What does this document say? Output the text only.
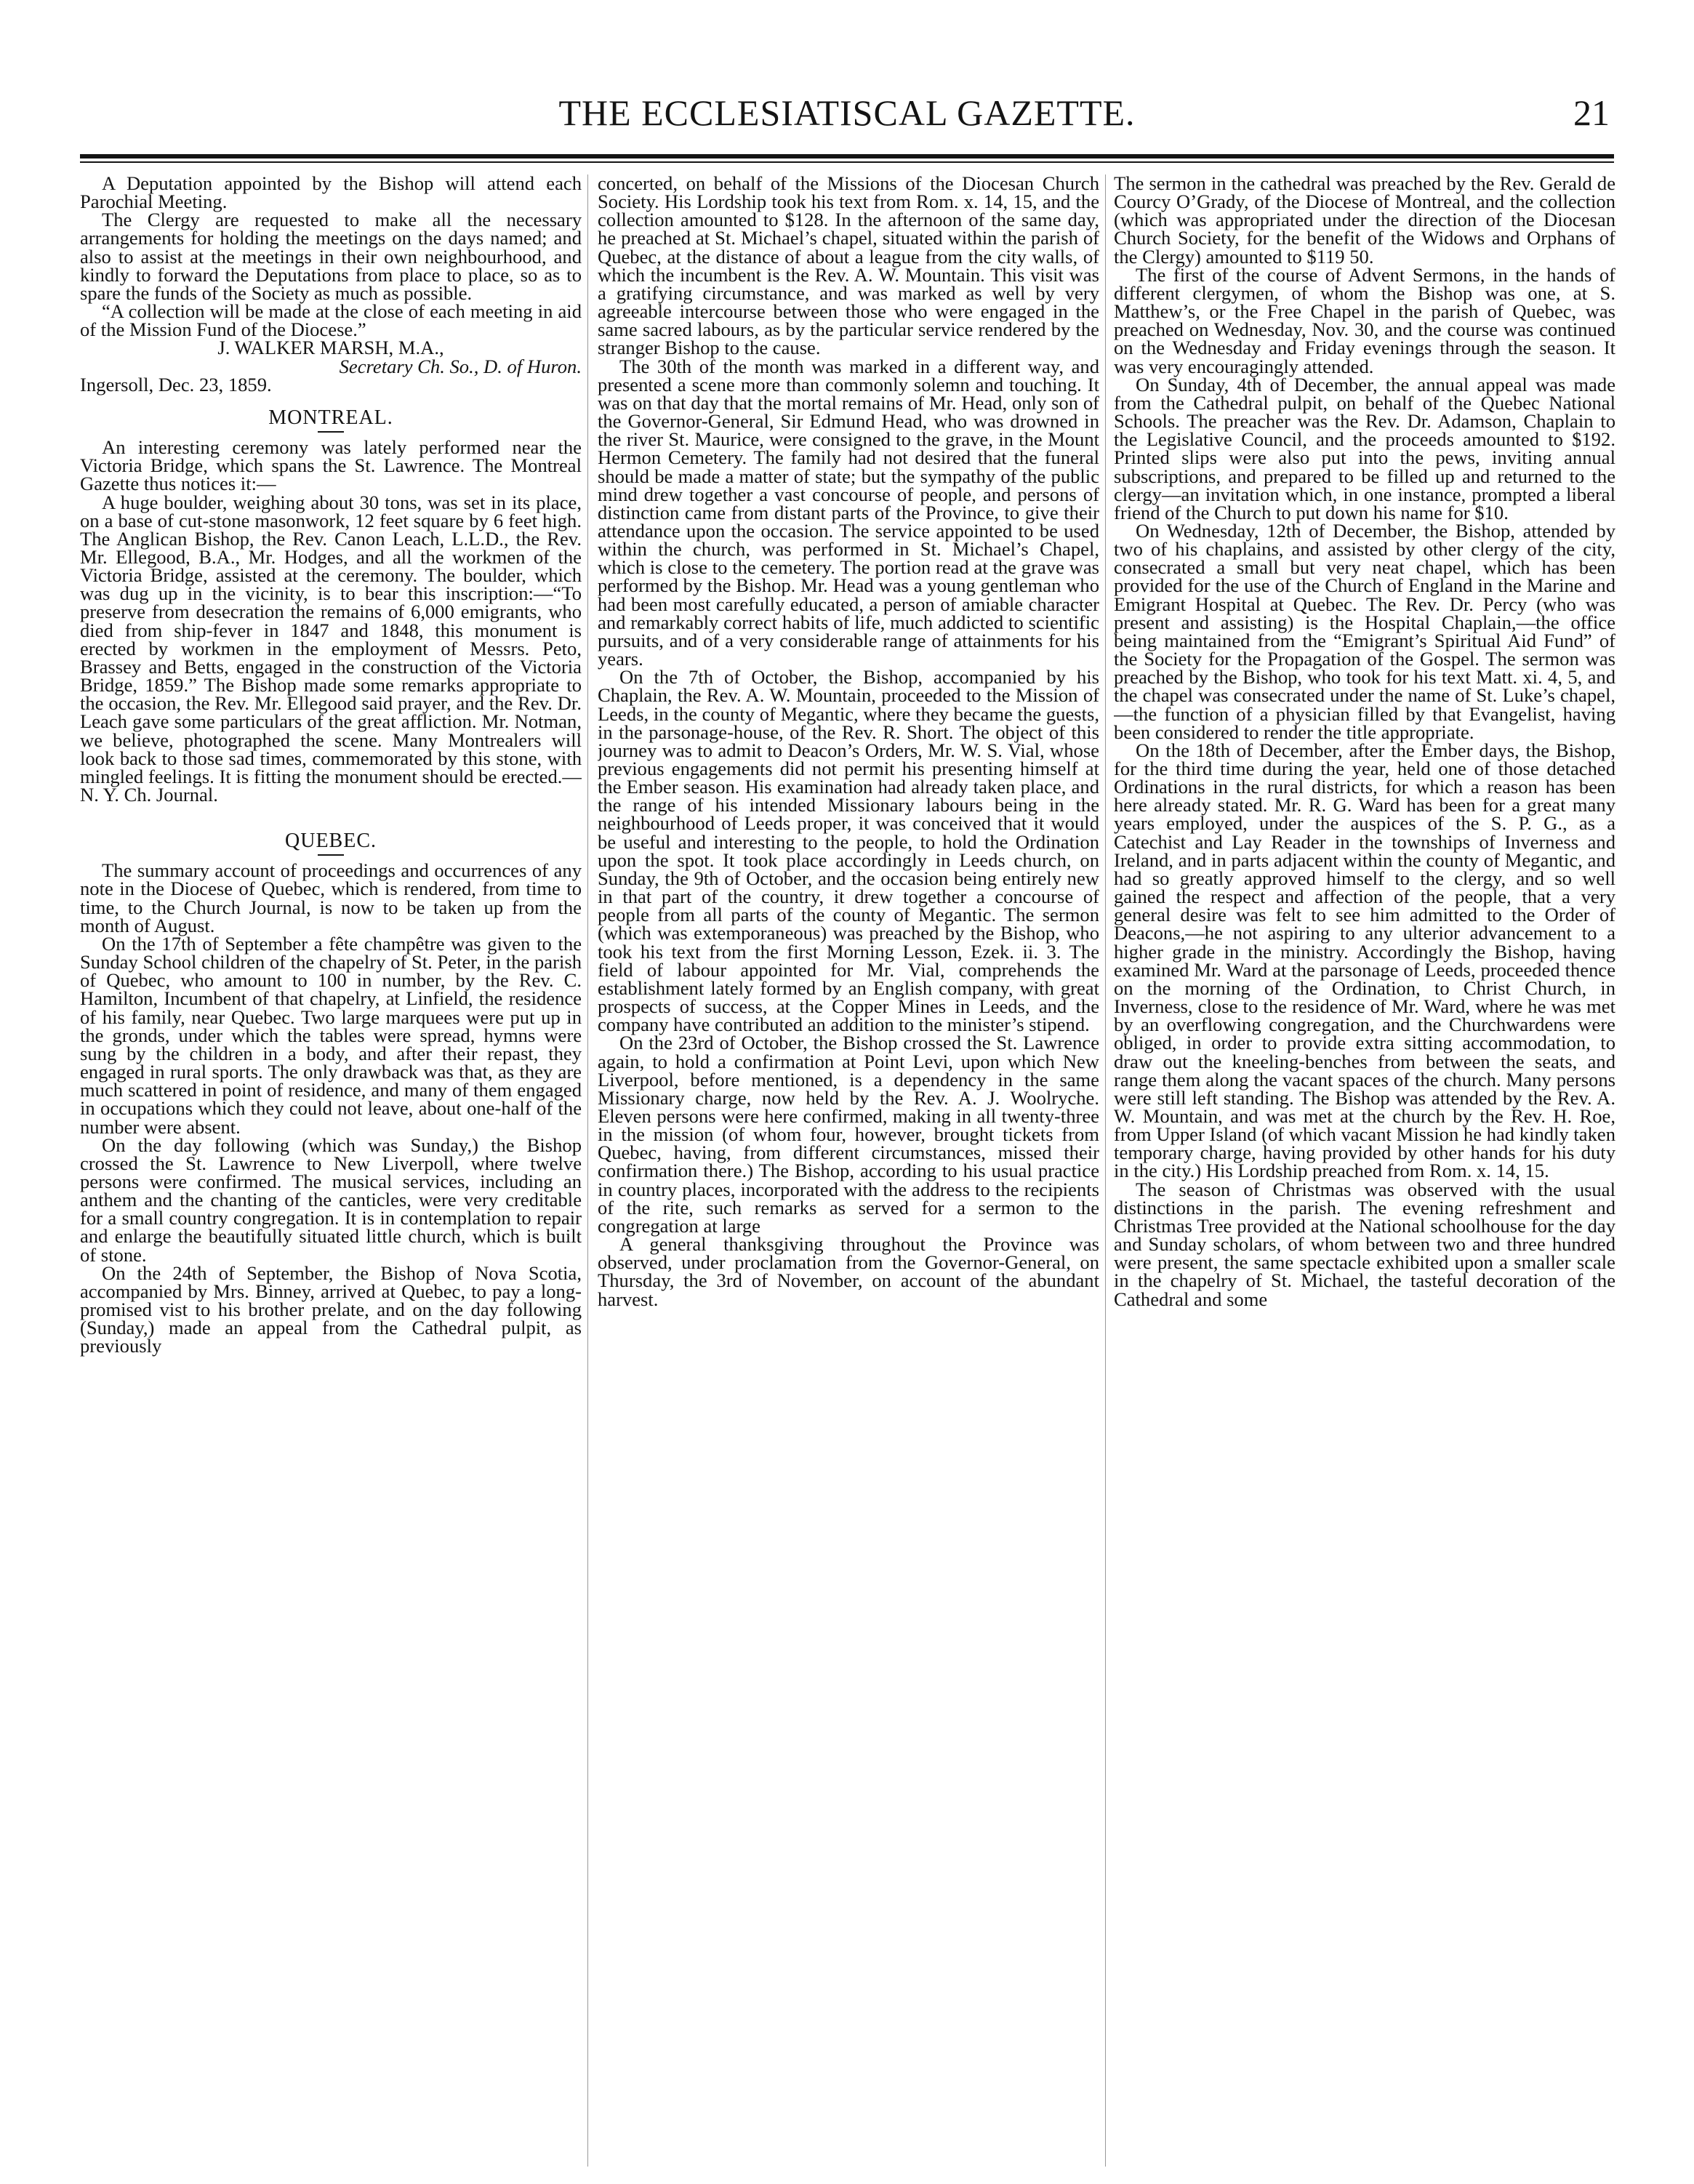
THE ECCLESIATISCAL GAZETTE.	21

A Deputation appointed by the Bishop will attend each Parochial Meeting.

The Clergy are requested to make all the necessary arrangements for holding the meetings on the days named; and also to assist at the meetings in their own neighbourhood, and kindly to forward the Deputations from place to place, so as to spare the funds of the Society as much as possible.

“A collection will be made at the close of each meeting in aid of the Mission Fund of the Diocese.”

J. WALKER MARSH, M.A.,

Secretary Ch. So., D. of Huron.

Ingersoll, Dec. 23, 1859.

MONTREAL.

An interesting ceremony was lately performed near the Victoria Bridge, which spans the St. Lawrence. The Montreal Gazette thus notices it:—

A huge boulder, weighing about 30 tons, was set in its place, on a base of cut-stone masonwork, 12 feet square by 6 feet high. The Anglican Bishop, the Rev. Canon Leach, L.L.D., the Rev. Mr. Ellegood, B.A., Mr. Hodges, and all the workmen of the Victoria Bridge, assisted at the ceremony. The boulder, which was dug up in the vicinity, is to bear this inscription:—“To preserve from desecration the remains of 6,000 emigrants, who died from ship-fever in 1847 and 1848, this monument is erected by workmen in the employment of Messrs. Peto, Brassey and Betts, engaged in the construction of the Victoria Bridge, 1859.” The Bishop made some remarks appropriate to the occasion, the Rev. Mr. Ellegood said prayer, and the Rev. Dr. Leach gave some particulars of the great affliction. Mr. Notman, we believe, photographed the scene. Many Montrealers will look back to those sad times, commemorated by this stone, with mingled feelings. It is fitting the monument should be erected.—N. Y. Ch. Journal.

QUEBEC.

The summary account of proceedings and occurrences of any note in the Diocese of Quebec, which is rendered, from time to time, to the Church Journal, is now to be taken up from the month of August.

On the 17th of September a fête champêtre was given to the Sunday School children of the chapelry of St. Peter, in the parish of Quebec, who amount to 100 in number, by the Rev. C. Hamilton, Incumbent of that chapelry, at Linfield, the residence of his family, near Quebec. Two large marquees were put up in the gronds, under which the tables were spread, hymns were sung by the children in a body, and after their repast, they engaged in rural sports. The only drawback was that, as they are much scattered in point of residence, and many of them engaged in occupations which they could not leave, about one-half of the number were absent.

On the day following (which was Sunday,) the Bishop crossed the St. Lawrence to New Liverpoll, where twelve persons were confirmed. The musical services, including an anthem and the chanting of the canticles, were very creditable for a small country congregation. It is in contemplation to repair and enlarge the beautifully situated little church, which is built of stone.

On the 24th of September, the Bishop of Nova Scotia, accompanied by Mrs. Binney, arrived at Quebec, to pay a long-promised vist to his brother prelate, and on the day following (Sunday,) made an appeal from the Cathedral pulpit, as previously

concerted, on behalf of the Missions of the Diocesan Church Society. His Lordship took his text from Rom. x. 14, 15, and the collection amounted to $128. In the afternoon of the same day, he preached at St. Michael’s chapel, situated within the parish of Quebec, at the distance of about a league from the city walls, of which the incumbent is the Rev. A. W. Mountain. This visit was a gratifying circumstance, and was marked as well by very agreeable intercourse between those who were engaged in the same sacred labours, as by the particular service rendered by the stranger Bishop to the cause.

The 30th of the month was marked in a different way, and presented a scene more than commonly solemn and touching. It was on that day that the mortal remains of Mr. Head, only son of the Governor-General, Sir Edmund Head, who was drowned in the river St. Maurice, were consigned to the grave, in the Mount Hermon Cemetery. The family had not desired that the funeral should be made a matter of state; but the sympathy of the public mind drew together a vast concourse of people, and persons of distinction came from distant parts of the Province, to give their attendance upon the occasion. The service appointed to be used within the church, was performed in St. Michael’s Chapel, which is close to the cemetery. The portion read at the grave was performed by the Bishop. Mr. Head was a young gentleman who had been most carefully educated, a person of amiable character and remarkably correct habits of life, much addicted to scientific pursuits, and of a very considerable range of attainments for his years.

On the 7th of October, the Bishop, accompanied by his Chaplain, the Rev. A. W. Mountain, proceeded to the Mission of Leeds, in the county of Megantic, where they became the guests, in the parsonage-house, of the Rev. R. Short. The object of this journey was to admit to Deacon’s Orders, Mr. W. S. Vial, whose previous engagements did not permit his presenting himself at the Ember season. His examination had already taken place, and the range of his intended Missionary labours being in the neighbourhood of Leeds proper, it was conceived that it would be useful and interesting to the people, to hold the Ordination upon the spot. It took place accordingly in Leeds church, on Sunday, the 9th of October, and the occasion being entirely new in that part of the country, it drew together a concourse of people from all parts of the county of Megantic. The sermon (which was extemporaneous) was preached by the Bishop, who took his text from the first Morning Lesson, Ezek. ii. 3. The field of labour appointed for Mr. Vial, comprehends the establishment lately formed by an English company, with great prospects of success, at the Copper Mines in Leeds, and the company have contributed an addition to the minister’s stipend.

On the 23rd of October, the Bishop crossed the St. Lawrence again, to hold a confirmation at Point Levi, upon which New Liverpool, before mentioned, is a dependency in the same Missionary charge, now held by the Rev. A. J. Woolryche. Eleven persons were here confirmed, making in all twenty-three in the mission (of whom four, however, brought tickets from Quebec, having, from different circumstances, missed their confirmation there.) The Bishop, according to his usual practice in country places, incorporated with the address to the recipients of the rite, such remarks as served for a sermon to the congregation at large

A general thanksgiving throughout the Province was observed, under proclamation from the Governor-General, on Thursday, the 3rd of November, on account of the abundant harvest.

The sermon in the cathedral was preached by the Rev. Gerald de Courcy O’Grady, of the Diocese of Montreal, and the collection (which was appropriated under the direction of the Diocesan Church Society, for the benefit of the Widows and Orphans of the Clergy) amounted to $119 50.

The first of the course of Advent Sermons, in the hands of different clergymen, of whom the Bishop was one, at S. Matthew’s, or the Free Chapel in the parish of Quebec, was preached on Wednesday, Nov. 30, and the course was continued on the Wednesday and Friday evenings through the season. It was very encouragingly attended.

On Sunday, 4th of December, the annual appeal was made from the Cathedral pulpit, on behalf of the Quebec National Schools. The preacher was the Rev. Dr. Adamson, Chaplain to the Legislative Council, and the proceeds amounted to $192. Printed slips were also put into the pews, inviting annual subscriptions, and prepared to be filled up and returned to the clergy—an invitation which, in one instance, prompted a liberal friend of the Church to put down his name for $10.

On Wednesday, 12th of December, the Bishop, attended by two of his chaplains, and assisted by other clergy of the city, consecrated a small but very neat chapel, which has been provided for the use of the Church of England in the Marine and Emigrant Hospital at Quebec. The Rev. Dr. Percy (who was present and assisting) is the Hospital Chaplain,—the office being maintained from the “Emigrant’s Spiritual Aid Fund” of the Society for the Propagation of the Gospel. The sermon was preached by the Bishop, who took for his text Matt. xi. 4, 5, and the chapel was consecrated under the name of St. Luke’s chapel,—the function of a physician filled by that Evangelist, having been considered to render the title appropriate.

On the 18th of December, after the Ember days, the Bishop, for the third time during the year, held one of those detached Ordinations in the rural districts, for which a reason has been here already stated. Mr. R. G. Ward has been for a great many years employed, under the auspices of the S. P. G., as a Catechist and Lay Reader in the townships of Inverness and Ireland, and in parts adjacent within the county of Megantic, and had so greatly approved himself to the clergy, and so well gained the respect and affection of the people, that a very general desire was felt to see him admitted to the Order of Deacons,—he not aspiring to any ulterior advancement to a higher grade in the ministry. Accordingly the Bishop, having examined Mr. Ward at the parsonage of Leeds, proceeded thence on the morning of the Ordination, to Christ Church, in Inverness, close to the residence of Mr. Ward, where he was met by an overflowing congregation, and the Churchwardens were obliged, in order to provide extra sitting accommodation, to draw out the kneeling-benches from between the seats, and range them along the vacant spaces of the church. Many persons were still left standing. The Bishop was attended by the Rev. A. W. Mountain, and was met at the church by the Rev. H. Roe, from Upper Island (of which vacant Mission he had kindly taken temporary charge, having provided by other hands for his duty in the city.) His Lordship preached from Rom. x. 14, 15.

The season of Christmas was observed with the usual distinctions in the parish. The evening refreshment and Christmas Tree provided at the National schoolhouse for the day and Sunday scholars, of whom between two and three hundred were present, the same spectacle exhibited upon a smaller scale in the chapelry of St. Michael, the tasteful decoration of the Cathedral and some
